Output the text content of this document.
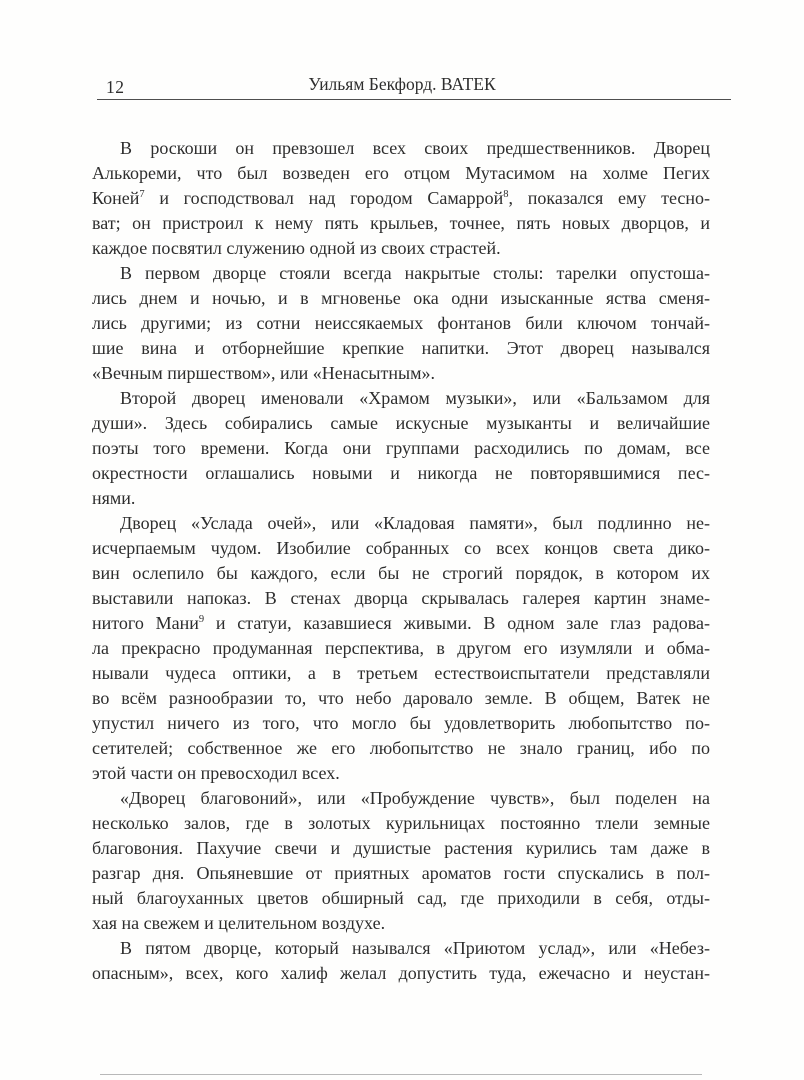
12	Уильям Бекфорд. ВАТЕК
В роскоши он превзошел всех своих предшественников. Дворец
Алькореми, что был возведен его отцом Мутасимом на холме Пегих
Коней$^7$ и господствовал над городом Самаррой$^8$, показался ему тесно-
ват; он пристроил к нему пять крыльев, точнее, пять новых дворцов, и
каждое посвятил служению одной из своих страстей.
В первом дворце стояли всегда накрытые столы: тарелки опустоша-
лись днем и ночью, и в мгновенье ока одни изысканные яства сменя-
лись другими; из сотни неиссякаемых фонтанов били ключом тончай-
шие вина и отборнейшие крепкие напитки. Этот дворец назывался
«Вечным пиршеством», или «Ненасытным».
Второй дворец именовали «Храмом музыки», или «Бальзамом для
души». Здесь собирались самые искусные музыканты и величайшие
поэты того времени. Когда они группами расходились по домам, все
окрестности оглашались новыми и никогда не повторявшимися пес-
нями.
Дворец «Услада очей», или «Кладовая памяти», был подлинно не-
исчерпаемым чудом. Изобилие собранных со всех концов света дико-
вин ослепило бы каждого, если бы не строгий порядок, в котором их
выставили напоказ. В стенах дворца скрывалась галерея картин знаме-
нитого Мани$^9$ и статуи, казавшиеся живыми. В одном зале глаз радова-
ла прекрасно продуманная перспектива, в другом его изумляли и обма-
нывали чудеса оптики, а в третьем естествоиспытатели представляли
во всём разнообразии то, что небо даровало земле. В общем, Ватек не
упустил ничего из того, что могло бы удовлетворить любопытство по-
сетителей; собственное же его любопытство не знало границ, ибо по
этой части он превосходил всех.
«Дворец благовоний», или «Пробуждение чувств», был поделен на
несколько залов, где в золотых курильницах постоянно тлели земные
благовония. Пахучие свечи и душистые растения курились там даже в
разгар дня. Опьяневшие от приятных ароматов гости спускались в пол-
ный благоуханных цветов обширный сад, где приходили в себя, отды-
хая на свежем и целительном воздухе.
В пятом дворце, который назывался «Приютом услад», или «Небез-
опасным», всех, кого халиф желал допустить туда, ежечасно и неустан-
